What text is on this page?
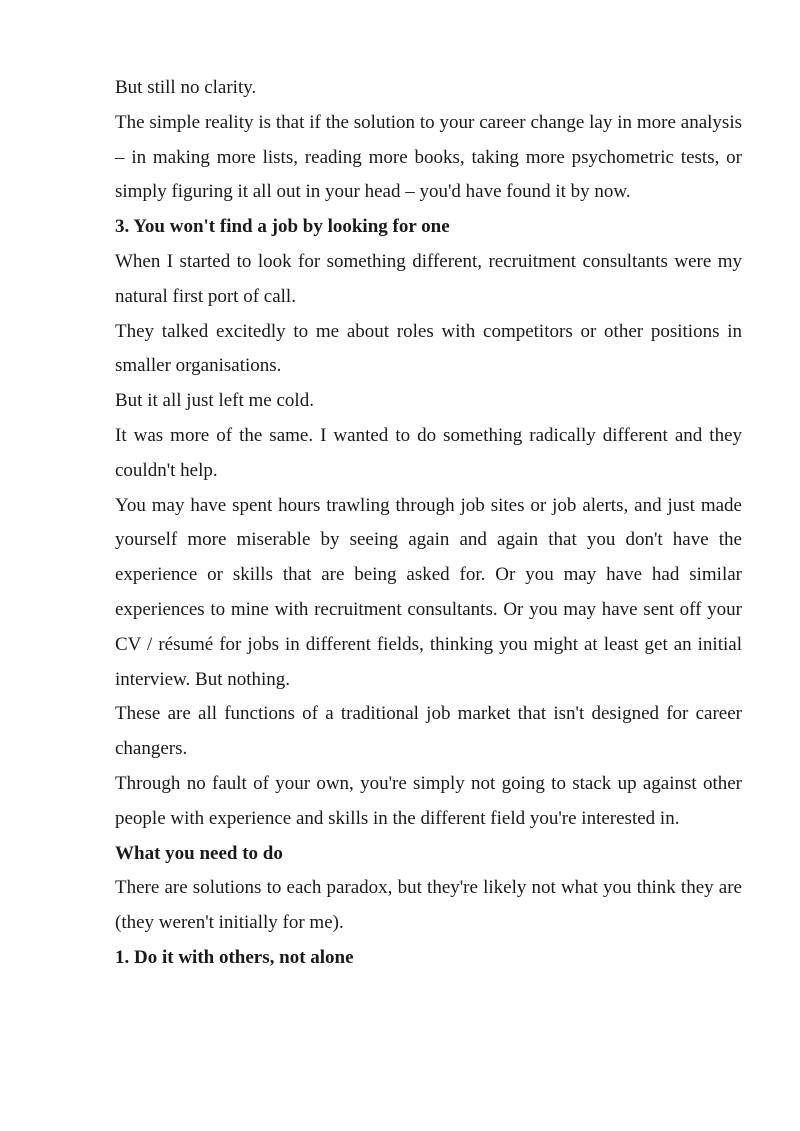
But still no clarity.

The simple reality is that if the solution to your career change lay in more analysis – in making more lists, reading more books, taking more psychometric tests, or simply figuring it all out in your head – you'd have found it by now.

3. You won't find a job by looking for one

When I started to look for something different, recruitment consultants were my natural first port of call.

They talked excitedly to me about roles with competitors or other positions in smaller organisations.

But it all just left me cold.

It was more of the same. I wanted to do something radically different and they couldn't help.

You may have spent hours trawling through job sites or job alerts, and just made yourself more miserable by seeing again and again that you don't have the experience or skills that are being asked for. Or you may have had similar experiences to mine with recruitment consultants. Or you may have sent off your CV / résumé for jobs in different fields, thinking you might at least get an initial interview. But nothing.

These are all functions of a traditional job market that isn't designed for career changers.

Through no fault of your own, you're simply not going to stack up against other people with experience and skills in the different field you're interested in.

What you need to do

There are solutions to each paradox, but they're likely not what you think they are (they weren't initially for me).

1. Do it with others, not alone
